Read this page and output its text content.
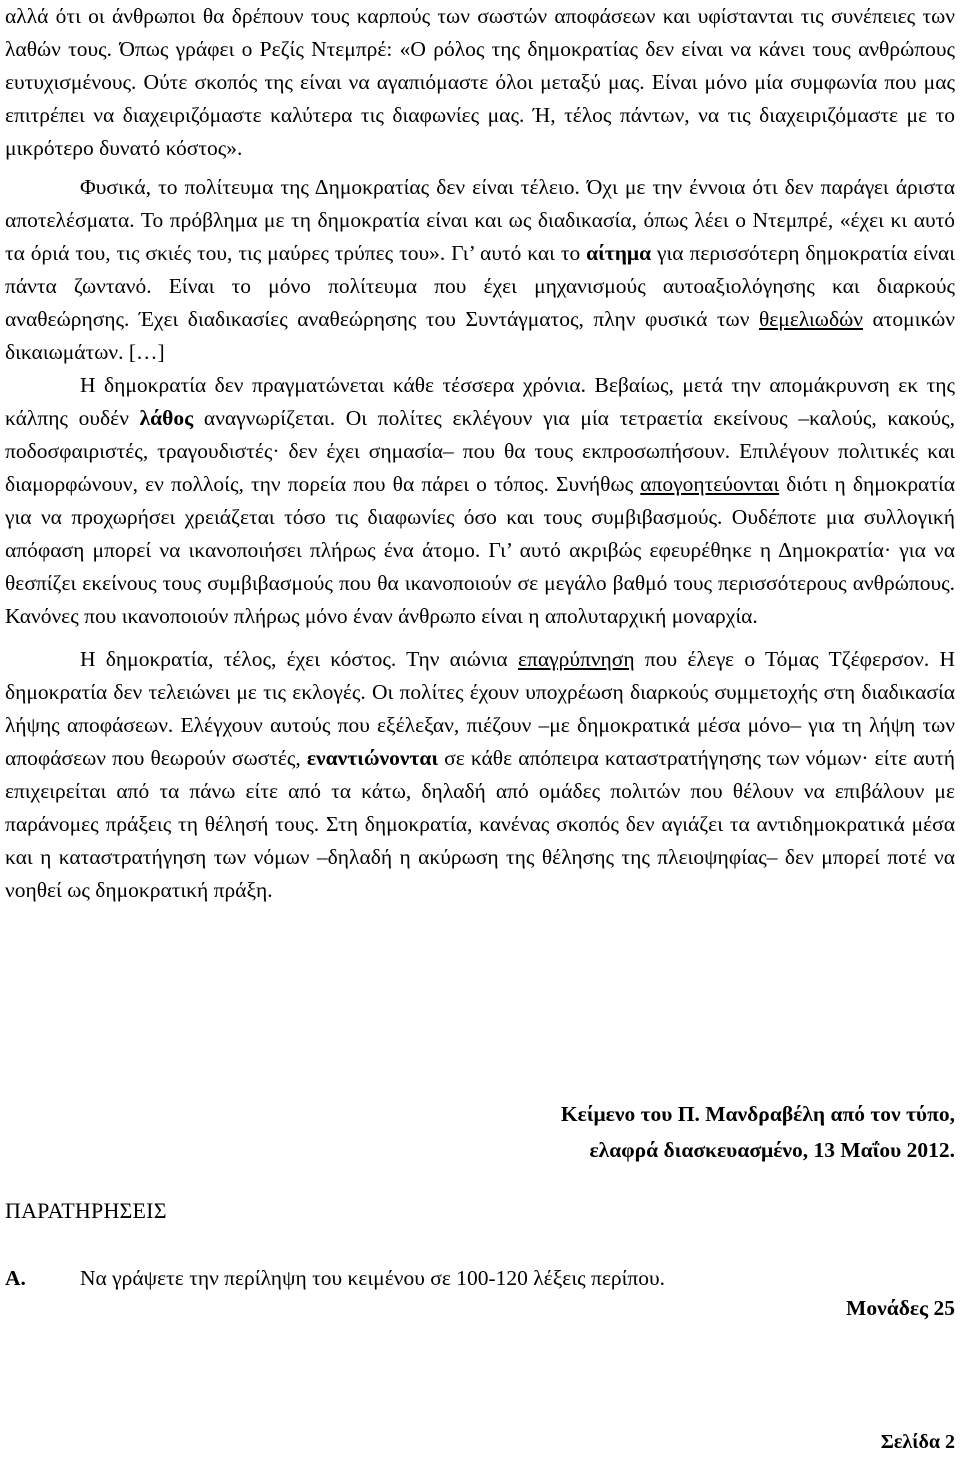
αλλά ότι οι άνθρωποι θα δρέπουν τους καρπούς των σωστών αποφάσεων και υφίστανται τις συνέπειες των λαθών τους. Όπως γράφει ο Ρεζίς Ντεμπρέ: «Ο ρόλος της δημοκρατίας δεν είναι να κάνει τους ανθρώπους ευτυχισμένους. Ούτε σκοπός της είναι να αγαπιόμαστε όλοι μεταξύ μας. Είναι μόνο μία συμφωνία που μας επιτρέπει να διαχειριζόμαστε καλύτερα τις διαφωνίες μας. Ή, τέλος πάντων, να τις διαχειριζόμαστε με το μικρότερο δυνατό κόστος».

Φυσικά, το πολίτευμα της Δημοκρατίας δεν είναι τέλειο. Όχι με την έννοια ότι δεν παράγει άριστα αποτελέσματα. Το πρόβλημα με τη δημοκρατία είναι και ως διαδικασία, όπως λέει ο Ντεμπρέ, «έχει κι αυτό τα όριά του, τις σκιές του, τις μαύρες τρύπες του». Γι’ αυτό και το αίτημα για περισσότερη δημοκρατία είναι πάντα ζωντανό. Είναι το μόνο πολίτευμα που έχει μηχανισμούς αυτοαξιολόγησης και διαρκούς αναθεώρησης. Έχει διαδικασίες αναθεώρησης του Συντάγματος, πλην φυσικά των θεμελιωδών ατομικών δικαιωμάτων. […]

Η δημοκρατία δεν πραγματώνεται κάθε τέσσερα χρόνια. Βεβαίως, μετά την απομάκρυνση εκ της κάλπης ουδέν λάθος αναγνωρίζεται. Οι πολίτες εκλέγουν για μία τετραετία εκείνους –καλούς, κακούς, ποδοσφαιριστές, τραγουδιστές· δεν έχει σημασία– που θα τους εκπροσωπήσουν. Επιλέγουν πολιτικές και διαμορφώνουν, εν πολλοίς, την πορεία που θα πάρει ο τόπος. Συνήθως απογοητεύονται διότι η δημοκρατία για να προχωρήσει χρειάζεται τόσο τις διαφωνίες όσο και τους συμβιβασμούς. Ουδέποτε μια συλλογική απόφαση μπορεί να ικανοποιήσει πλήρως ένα άτομο. Γι’ αυτό ακριβώς εφευρέθηκε η Δημοκρατία· για να θεσπίζει εκείνους τους συμβιβασμούς που θα ικανοποιούν σε μεγάλο βαθμό τους περισσότερους ανθρώπους. Κανόνες που ικανοποιούν πλήρως μόνο έναν άνθρωπο είναι η απολυταρχική μοναρχία.

Η δημοκρατία, τέλος, έχει κόστος. Την αιώνια επαγρύπνηση που έλεγε ο Τόμας Τζέφερσον. Η δημοκρατία δεν τελειώνει με τις εκλογές. Οι πολίτες έχουν υποχρέωση διαρκούς συμμετοχής στη διαδικασία λήψης αποφάσεων. Ελέγχουν αυτούς που εξέλεξαν, πιέζουν –με δημοκρατικά μέσα μόνο– για τη λήψη των αποφάσεων που θεωρούν σωστές, εναντιώνονται σε κάθε απόπειρα καταστρατήγησης των νόμων· είτε αυτή επιχειρείται από τα πάνω είτε από τα κάτω, δηλαδή από ομάδες πολιτών που θέλουν να επιβάλουν με παράνομες πράξεις τη θέλησή τους. Στη δημοκρατία, κανένας σκοπός δεν αγιάζει τα αντιδημοκρατικά μέσα και η καταστρατήγηση των νόμων –δηλαδή η ακύρωση της θέλησης της πλειοψηφίας– δεν μπορεί ποτέ να νοηθεί ως δημοκρατική πράξη.

Κείμενο του Π. Μανδραβέλη από τον τύπο,
ελαφρά διασκευασμένο, 13 Μαΐου 2012.
ΠΑΡΑΤΗΡΗΣΕΙΣ
Α.	Να γράψετε την περίληψη του κειμένου σε 100-120 λέξεις περίπου.
Μονάδες 25
Σελίδα 2
